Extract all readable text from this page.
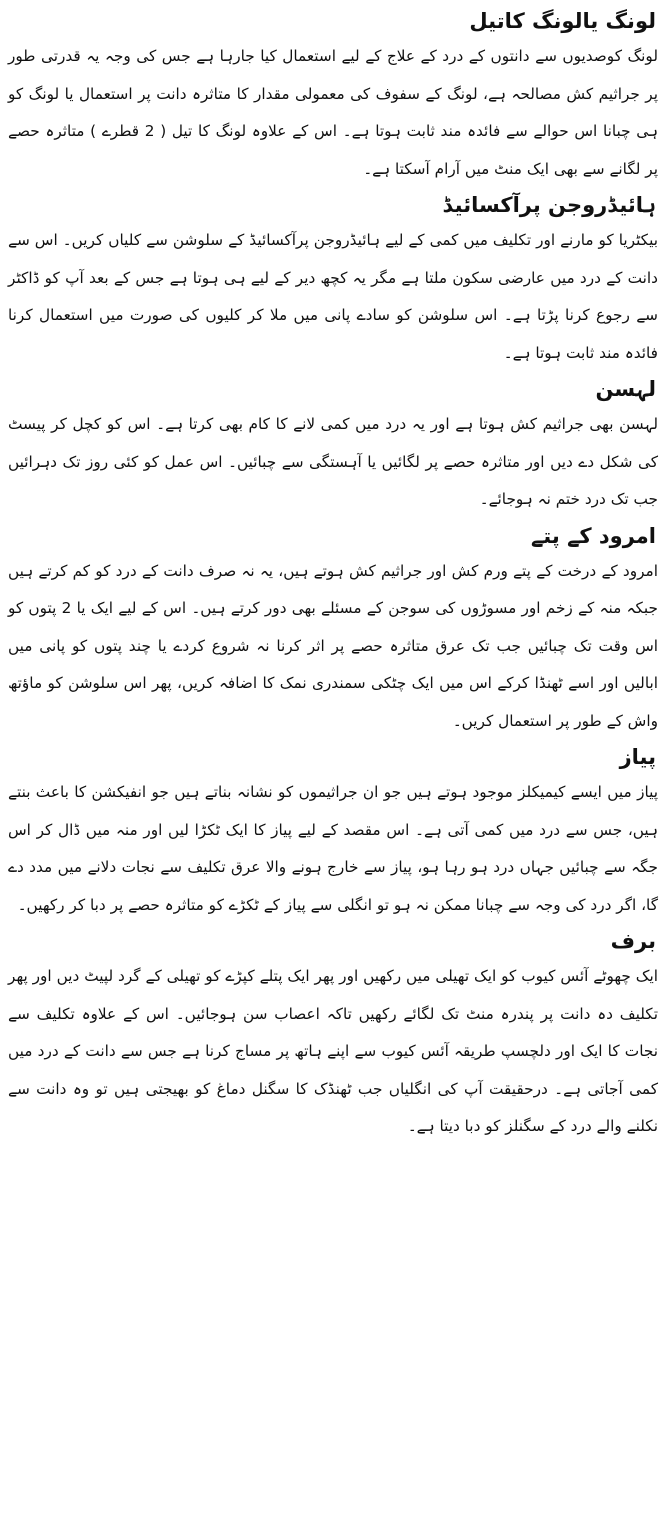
لونگ یالونگ کاتیل

لونگ کوصدیوں سے دانتوں کے درد کے علاج کے لیے استعمال کیا جارہا ہے جس کی وجہ یہ قدرتی طور پر جراثیم کش مصالحہ ہے، لونگ کے سفوف کی معمولی مقدار کا متاثرہ دانت پر استعمال یا لونگ کو ہی چبانا اس حوالے سے فائدہ مند ثابت ہوتا ہے۔ اس کے علاوہ لونگ کا تیل ( 2 قطرے ) متاثرہ حصے پر لگانے سے بھی ایک منٹ میں آرام آسکتا ہے۔

ہائیڈروجن پرآکسائیڈ

بیکٹریا کو مارنے اور تکلیف میں کمی کے لیے ہائیڈروجن پرآکسائیڈ کے سلوشن سے کلیاں کریں۔ اس سے دانت کے درد میں عارضی سکون ملتا ہے مگر یہ کچھ دیر کے لیے ہی ہوتا ہے جس کے بعد آپ کو ڈاکٹر سے رجوع کرنا پڑتا ہے۔ اس سلوشن کو سادے پانی میں ملا کر کلیوں کی صورت میں استعمال کرنا فائدہ مند ثابت ہوتا ہے۔

لہسن

لہسن بھی جراثیم کش ہوتا ہے اور یہ درد میں کمی لانے کا کام بھی کرتا ہے۔ اس کو کچل کر پیسٹ کی شکل دے دیں اور متاثرہ حصے پر لگائیں یا آہستگی سے چبائیں۔ اس عمل کو کئی روز تک دہرائیں جب تک درد ختم نہ ہوجائے۔

امرود کے پتے

امرود کے درخت کے پتے ورم کش اور جراثیم کش ہوتے ہیں، یہ نہ صرف دانت کے درد کو کم کرتے ہیں جبکہ منہ کے زخم اور مسوڑوں کی سوجن کے مسئلے بھی دور کرتے ہیں۔ اس کے لیے ایک یا 2 پتوں کو اس وقت تک چبائیں جب تک عرق متاثرہ حصے پر اثر کرنا نہ شروع کردے یا چند پتوں کو پانی میں ابالیں اور اسے ٹھنڈا کرکے اس میں ایک چٹکی سمندری نمک کا اضافہ کریں، پھر اس سلوشن کو ماؤتھ واش کے طور پر استعمال کریں۔

پیاز

پیاز میں ایسے کیمیکلز موجود ہوتے ہیں جو ان جراثیموں کو نشانہ بناتے ہیں جو انفیکشن کا باعث بنتے ہیں، جس سے درد میں کمی آتی ہے۔ اس مقصد کے لیے پیاز کا ایک ٹکڑا لیں اور منہ میں ڈال کر اس جگہ سے چبائیں جہاں درد ہو رہا ہو، پیاز سے خارج ہونے والا عرق تکلیف سے نجات دلانے میں مدد دے گا، اگر درد کی وجہ سے چبانا ممکن نہ ہو تو انگلی سے پیاز کے ٹکڑے کو متاثرہ حصے پر دبا کر رکھیں۔

برف

ایک چھوٹے آئس کیوب کو ایک تھیلی میں رکھیں اور پھر ایک پتلے کپڑے کو تھیلی کے گرد لپیٹ دیں اور پھر تکلیف دہ دانت پر پندرہ منٹ تک لگائے رکھیں تاکہ اعصاب سن ہوجائیں۔ اس کے علاوہ تکلیف سے نجات کا ایک اور دلچسپ طریقہ آئس کیوب سے اپنے ہاتھ پر مساج کرنا ہے جس سے دانت کے درد میں کمی آجاتی ہے۔ درحقیقت آپ کی انگلیاں جب ٹھنڈک کا سگنل دماغ کو بھیجتی ہیں تو وہ دانت سے نکلنے والے درد کے سگنلز کو دبا دیتا ہے۔
